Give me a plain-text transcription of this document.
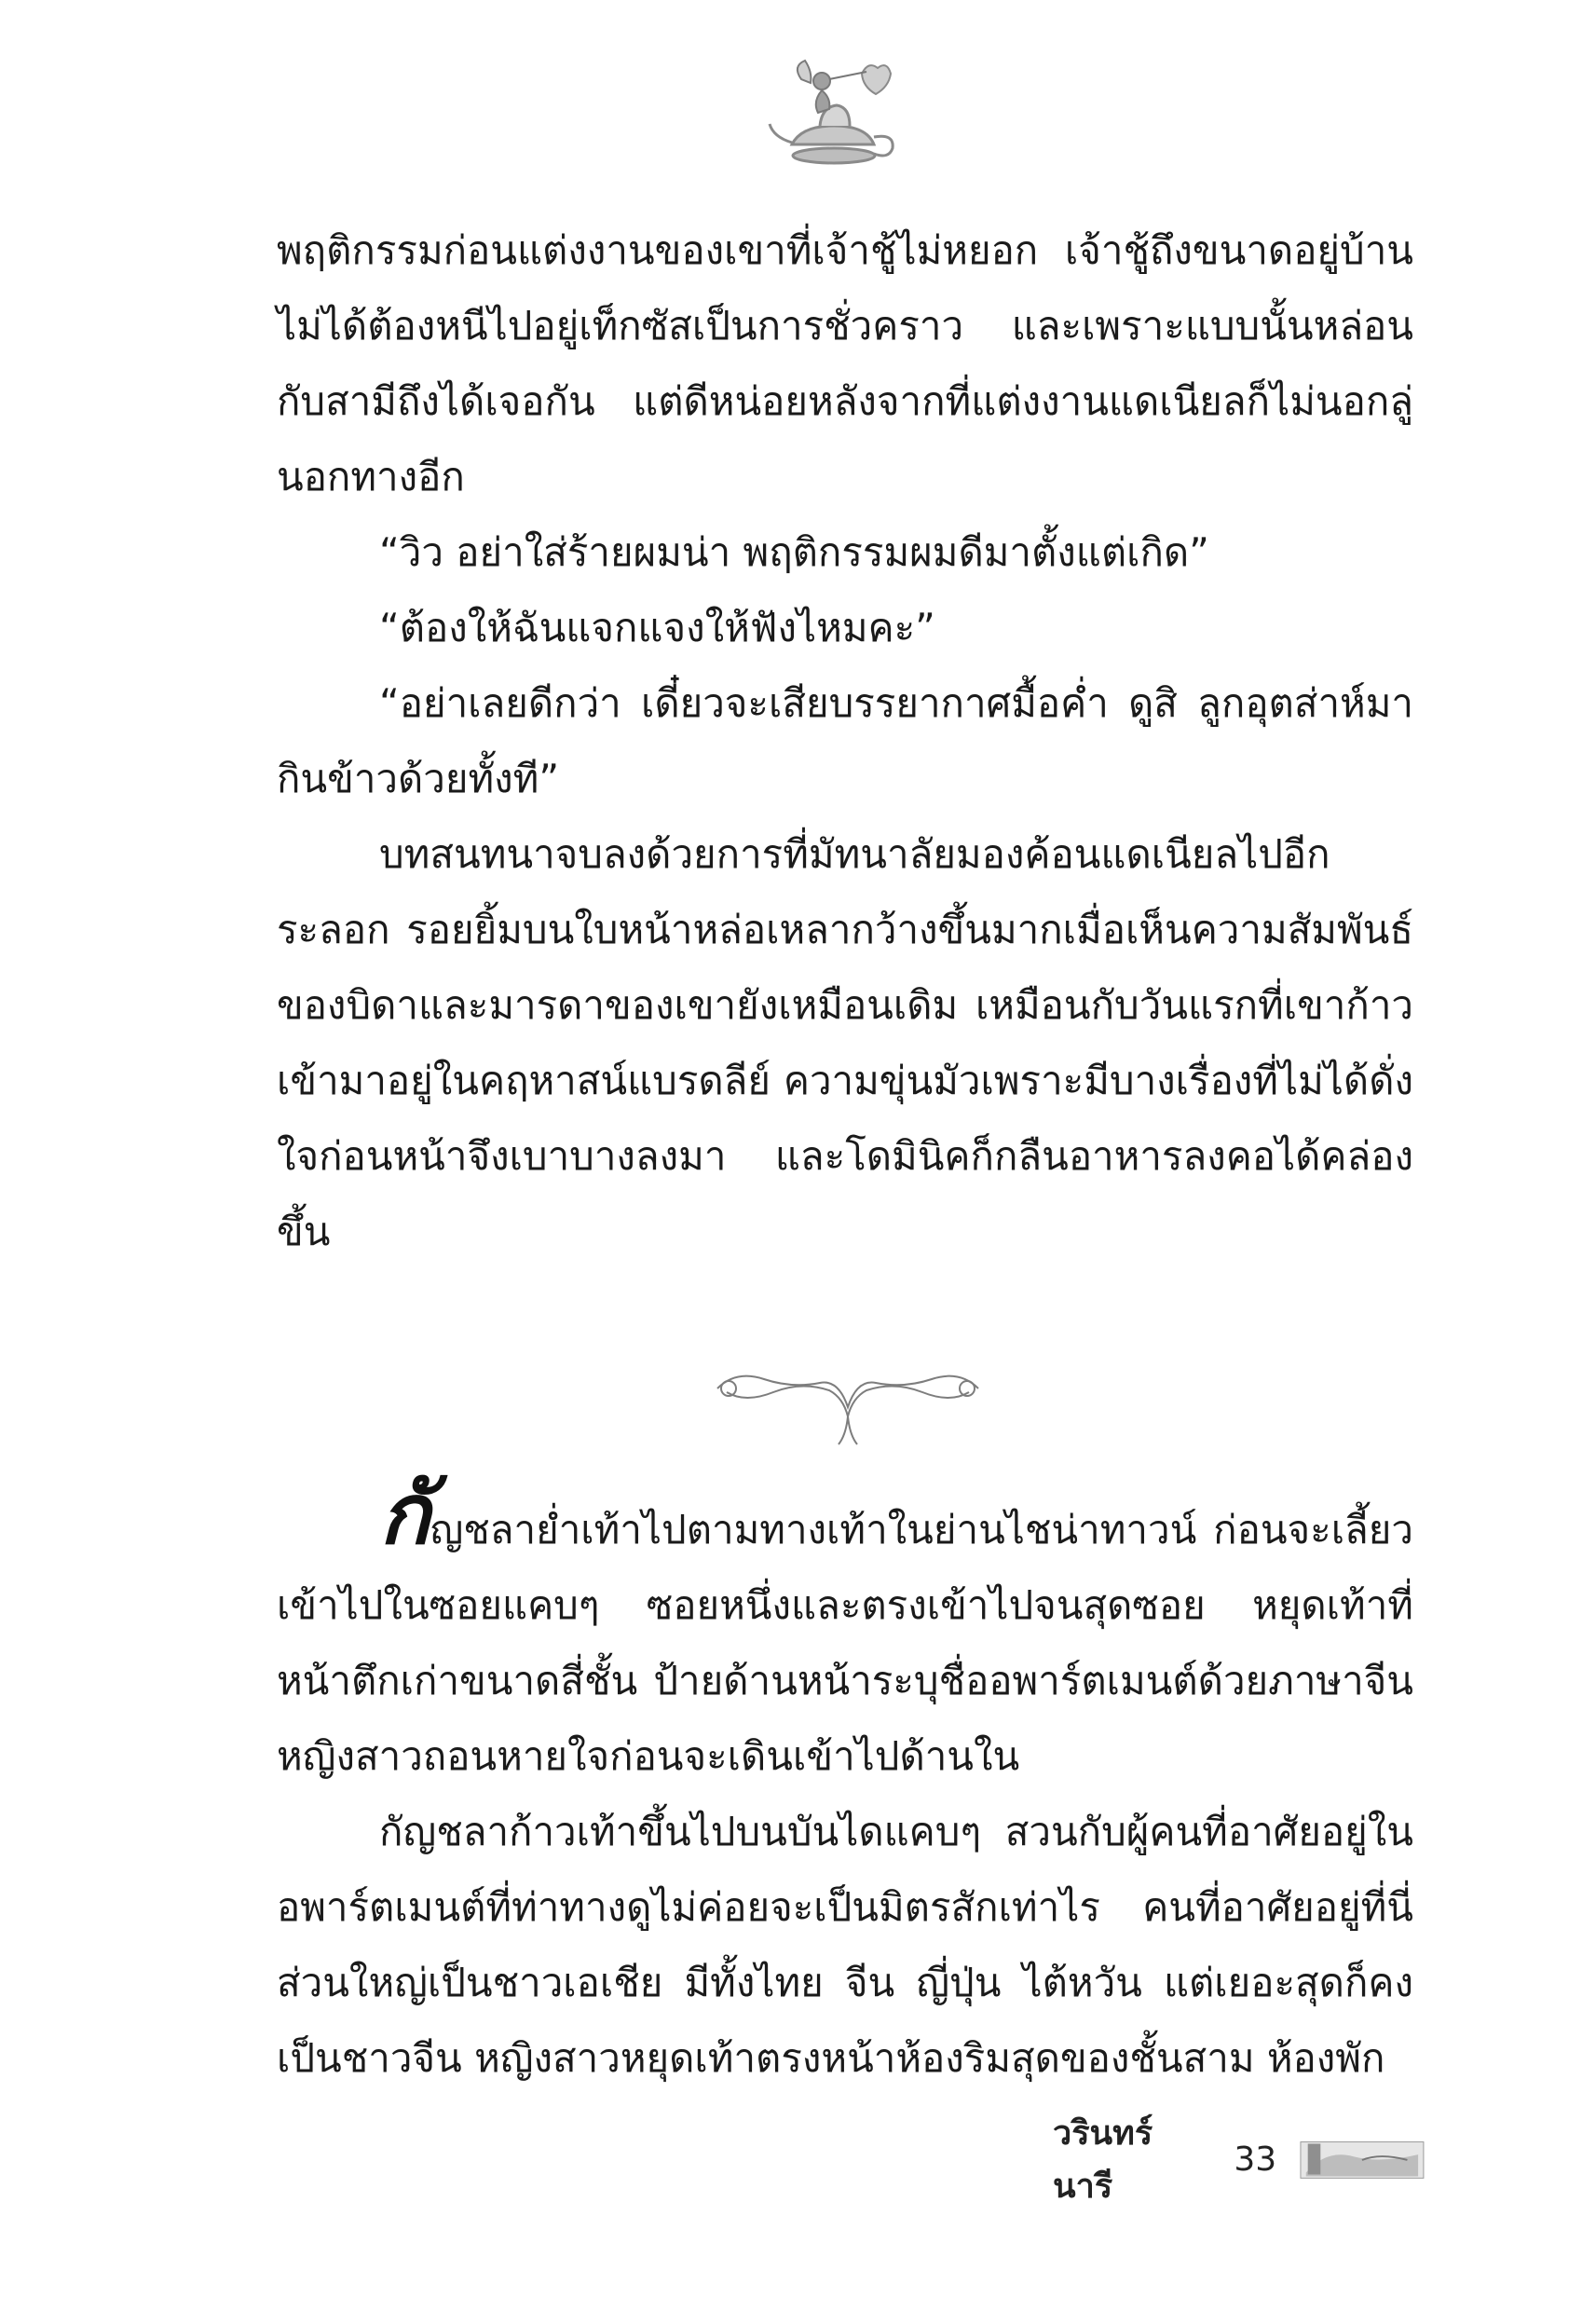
พฤติกรรมก่อนแต่งงานของเขาที่เจ้าชู้ไม่หยอก เจ้าชู้ถึงขนาดอยู่บ้านไม่ได้ต้องหนีไปอยู่เท็กซัสเป็นการชั่วคราว และเพราะแบบนั้นหล่อนกับสามีถึงได้เจอกัน แต่ดีหน่อยหลังจากที่แต่งงานแดเนียลก็ไม่นอกลู่นอกทางอีก

“วิว อย่าใส่ร้ายผมน่า พฤติกรรมผมดีมาตั้งแต่เกิด”

“ต้องให้ฉันแจกแจงให้ฟังไหมคะ”

“อย่าเลยดีกว่า เดี๋ยวจะเสียบรรยากาศมื้อค่ำ ดูสิ ลูกอุตส่าห์มากินข้าวด้วยทั้งที”

บทสนทนาจบลงด้วยการที่มัทนาลัยมองค้อนแดเนียลไปอีกระลอก รอยยิ้มบนใบหน้าหล่อเหลากว้างขึ้นมากเมื่อเห็นความสัมพันธ์ของบิดาและมารดาของเขายังเหมือนเดิม เหมือนกับวันแรกที่เขาก้าวเข้ามาอยู่ในคฤหาสน์แบรดลีย์ ความขุ่นมัวเพราะมีบางเรื่องที่ไม่ได้ดั่งใจก่อนหน้าจึงเบาบางลงมา และโดมินิคก็กลืนอาหารลงคอได้คล่องขึ้น

กัญชลาย่ำเท้าไปตามทางเท้าในย่านไชน่าทาวน์ ก่อนจะเลี้ยวเข้าไปในซอยแคบๆ ซอยหนึ่งและตรงเข้าไปจนสุดซอย หยุดเท้าที่หน้าตึกเก่าขนาดสี่ชั้น ป้ายด้านหน้าระบุชื่ออพาร์ตเมนต์ด้วยภาษาจีน หญิงสาวถอนหายใจก่อนจะเดินเข้าไปด้านใน

กัญชลาก้าวเท้าขึ้นไปบนบันไดแคบๆ สวนกับผู้คนที่อาศัยอยู่ในอพาร์ตเมนต์ที่ท่าทางดูไม่ค่อยจะเป็นมิตรสักเท่าไร คนที่อาศัยอยู่ที่นี่ส่วนใหญ่เป็นชาวเอเชีย มีทั้งไทย จีน ญี่ปุ่น ไต้หวัน แต่เยอะสุดก็คงเป็นชาวจีน หญิงสาวหยุดเท้าตรงหน้าห้องริมสุดของชั้นสาม ห้องพัก

วรินทร์นารี
33
